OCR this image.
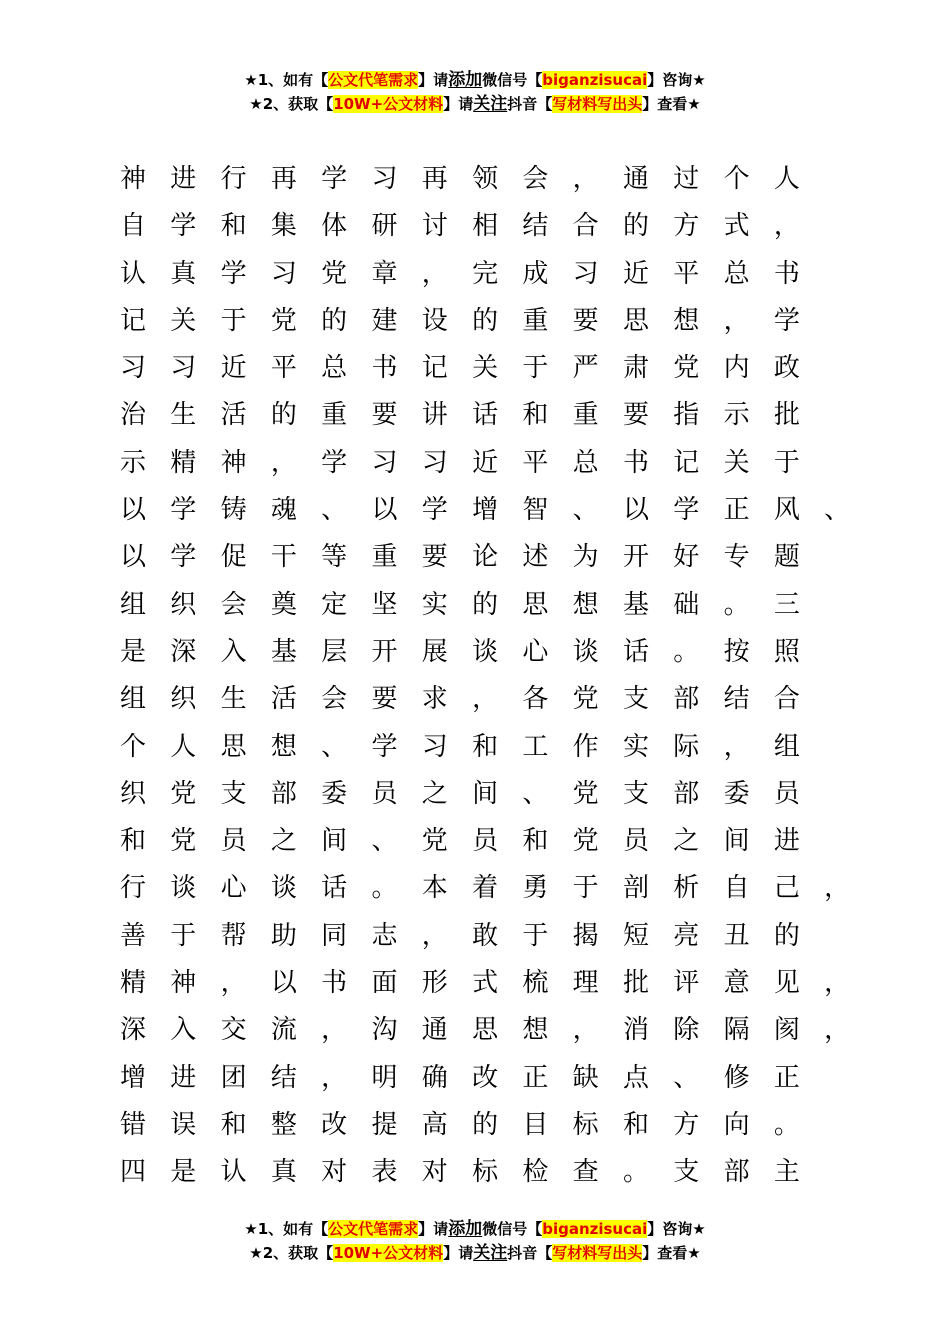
★1、如有【公文代笔需求】请添加微信号【biganzisucai】咨询★
★2、获取【10W+公文材料】请关注抖音【写材料写出头】查看★
神 进 行 再 学 习 再 领 会 ， 通 过 个 人
自 学 和 集 体 研 讨 相 结 合 的 方 式 ，
认 真 学 习 党 章 ， 完 成 习 近 平 总 书
记 关 于 党 的 建 设 的 重 要 思 想 ， 学
习 习 近 平 总 书 记 关 于 严 肃 党 内 政
治 生 活 的 重 要 讲 话 和 重 要 指 示 批
示 精 神 ， 学 习 习 近 平 总 书 记 关 于
以 学 铸 魂 、 以 学 增 智 、 以 学 正 风 、
以 学 促 干 等 重 要 论 述 为 开 好 专 题
组 织 会 奠 定 坚 实 的 思 想 基 础 。 三
是 深 入 基 层 开 展 谈 心 谈 话 。 按 照
组 织 生 活 会 要 求 ， 各 党 支 部 结 合
个 人 思 想 、 学 习 和 工 作 实 际 ， 组
织 党 支 部 委 员 之 间 、 党 支 部 委 员
和 党 员 之 间 、 党 员 和 党 员 之 间 进
行 谈 心 谈 话 。 本 着 勇 于 剖 析 自 己 ，
善 于 帮 助 同 志 ， 敢 于 揭 短 亮 丑 的
精 神 ， 以 书 面 形 式 梳 理 批 评 意 见 ，
深 入 交 流 ， 沟 通 思 想 ， 消 除 隔 阂 ，
增 进 团 结 ， 明 确 改 正 缺 点 、 修 正
错 误 和 整 改 提 高 的 目 标 和 方 向 。
四 是 认 真 对 表 对 标 检 查 。 支 部 主
★1、如有【公文代笔需求】请添加微信号【biganzisucai】咨询★
★2、获取【10W+公文材料】请关注抖音【写材料写出头】查看★
